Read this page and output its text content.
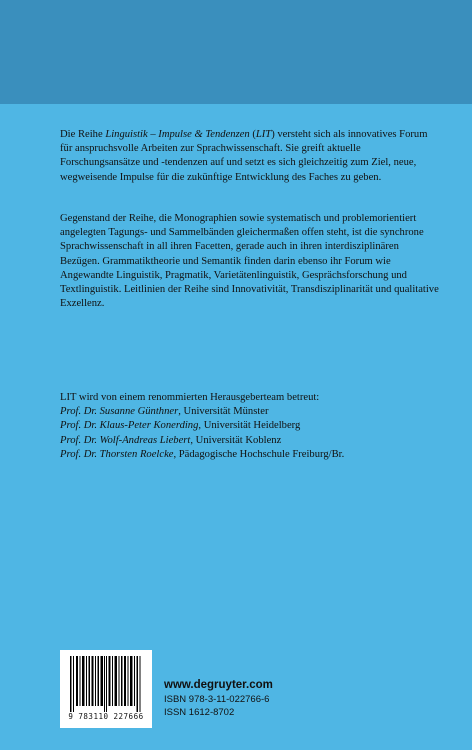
Die Reihe Linguistik – Impulse & Tendenzen (LIT) versteht sich als innovatives Forum für anspruchsvolle Arbeiten zur Sprachwissenschaft. Sie greift aktuelle Forschungsansätze und -tendenzen auf und setzt es sich gleichzeitig zum Ziel, neue, wegweisende Impulse für die zukünftige Entwicklung des Faches zu geben.

Gegenstand der Reihe, die Monographien sowie systematisch und problemorientiert angelegten Tagungs- und Sammelbänden gleichermaßen offen steht, ist die synchrone Sprachwissenschaft in all ihren Facetten, gerade auch in ihren interdisziplinären Bezügen. Grammatiktheorie und Semantik finden darin ebenso ihr Forum wie Angewandte Linguistik, Pragmatik, Varietätenlinguistik, Gesprächsforschung und Textlinguistik. Leitlinien der Reihe sind Innovativität, Transdisziplinarität und qualitative Exzellenz.

LIT wird von einem renommierten Herausgeberteam betreut:
Prof. Dr. Susanne Günthner, Universität Münster
Prof. Dr. Klaus-Peter Konerding, Universität Heidelberg
Prof. Dr. Wolf-Andreas Liebert, Universität Koblenz
Prof. Dr. Thorsten Roelcke, Pädagogische Hochschule Freiburg/Br.
9 783110 227666
www.degruyter.com
ISBN 978-3-11-022766-6
ISSN 1612-8702
